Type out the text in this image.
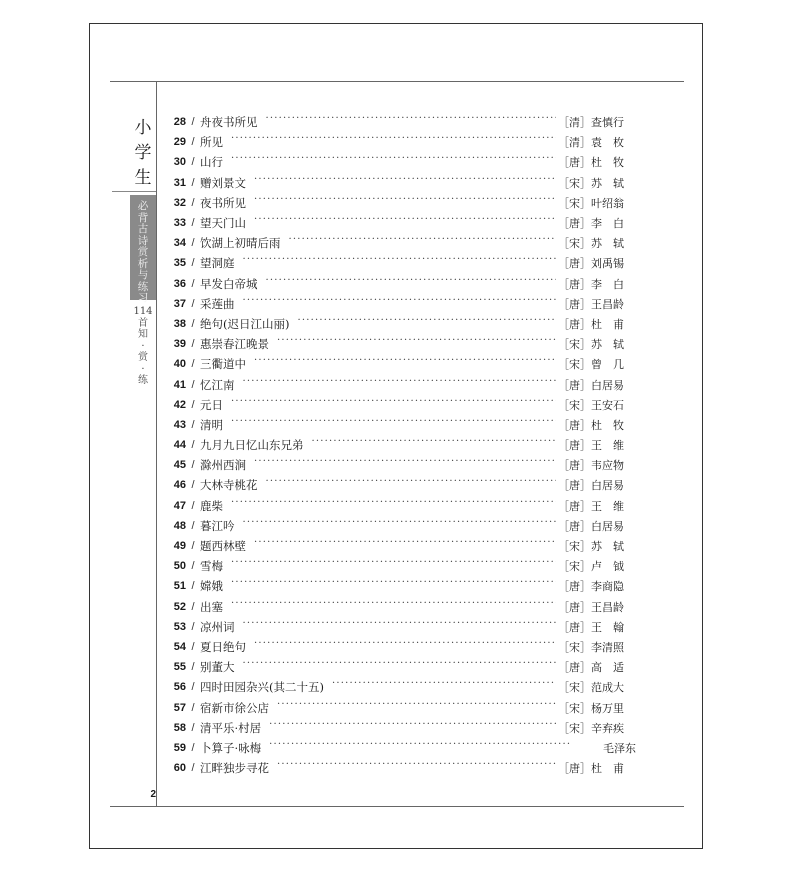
小
学
生
必
背
古
诗
赏
析
与
练
习
114
首
知
·
赏
·
练
2
28 / 舟夜书所见 ·····	［清］查慎行
29 / 所见 ·····	［清］袁　枚
30 / 山行 ·····	［唐］杜　牧
31 / 赠刘景文 ·····	［宋］苏　轼
32 / 夜书所见 ·····	［宋］叶绍翁
33 / 望天门山 ·····	［唐］李　白
34 / 饮湖上初晴后雨 ·····	［宋］苏　轼
35 / 望洞庭 ·····	［唐］刘禹锡
36 / 早发白帝城 ·····	［唐］李　白
37 / 采莲曲 ·····	［唐］王昌龄
38 / 绝句(迟日江山丽) ·····	［唐］杜　甫
39 / 惠崇春江晚景 ·····	［宋］苏　轼
40 / 三衢道中 ·····	［宋］曾　几
41 / 忆江南 ·····	［唐］白居易
42 / 元日 ·····	［宋］王安石
43 / 清明 ·····	［唐］杜　牧
44 / 九月九日忆山东兄弟 ·····	［唐］王　维
45 / 滁州西涧 ·····	［唐］韦应物
46 / 大林寺桃花 ·····	［唐］白居易
47 / 鹿柴 ·····	［唐］王　维
48 / 暮江吟 ·····	［唐］白居易
49 / 题西林壁 ·····	［宋］苏　轼
50 / 雪梅 ·····	［宋］卢　钺
51 / 嫦娥 ·····	［唐］李商隐
52 / 出塞 ·····	［唐］王昌龄
53 / 凉州词 ·····	［唐］王　翰
54 / 夏日绝句 ·····	［宋］李清照
55 / 别董大 ·····	［唐］高　适
56 / 四时田园杂兴(其二十五) ·····	［宋］范成大
57 / 宿新市徐公店 ·····	［宋］杨万里
58 / 清平乐·村居 ·····	［宋］辛弃疾
59 / 卜算子·咏梅 ·····	毛泽东
60 / 江畔独步寻花 ·····	［唐］杜　甫
